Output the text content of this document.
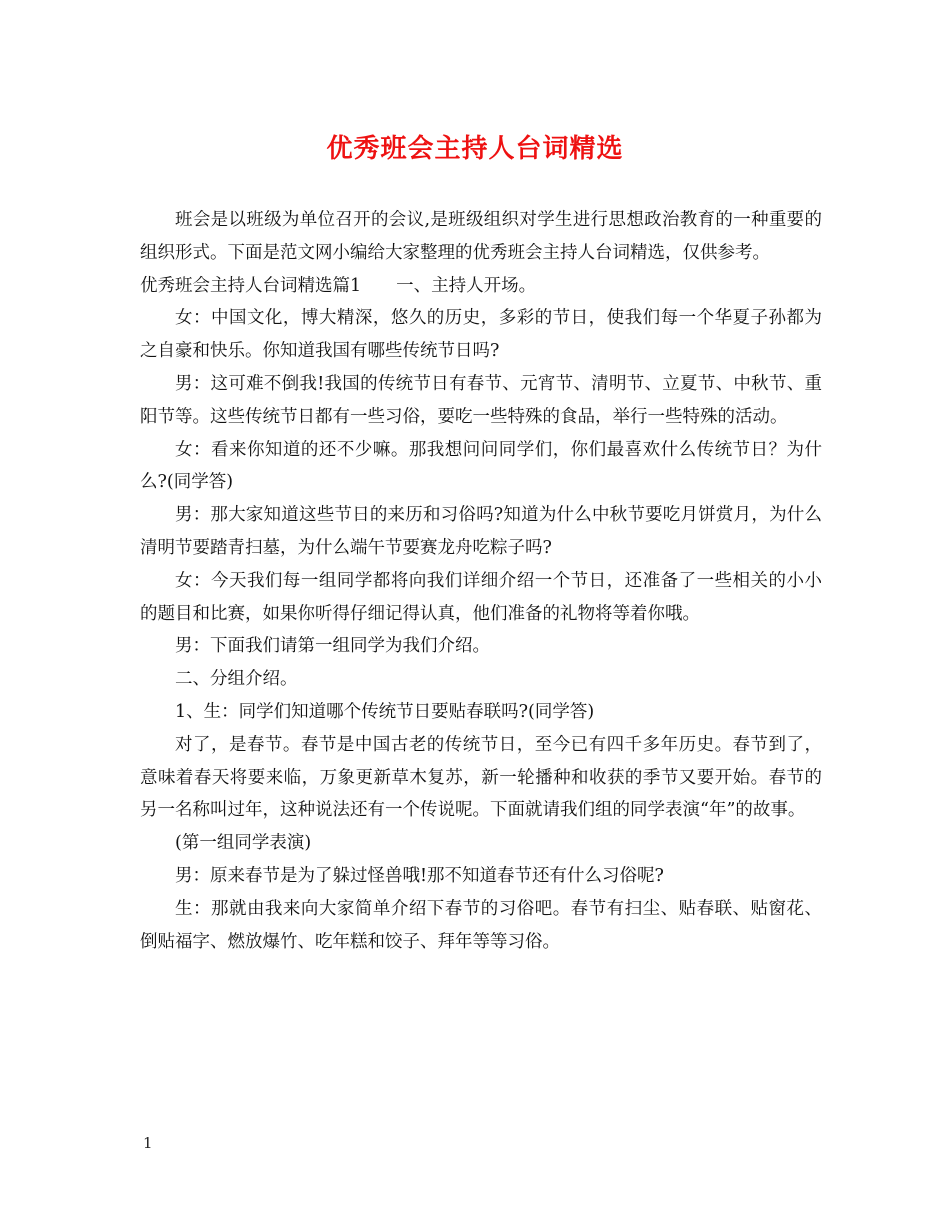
优秀班会主持人台词精选

班会是以班级为单位召开的会议,是班级组织对学生进行思想政治教育的一种重要的组织形式。下面是范文网小编给大家整理的优秀班会主持人台词精选，仅供参考。

优秀班会主持人台词精选篇1　　一、主持人开场。

女：中国文化，博大精深，悠久的历史，多彩的节日，使我们每一个华夏子孙都为之自豪和快乐。你知道我国有哪些传统节日吗?

男：这可难不倒我!我国的传统节日有春节、元宵节、清明节、立夏节、中秋节、重阳节等。这些传统节日都有一些习俗，要吃一些特殊的食品，举行一些特殊的活动。

女：看来你知道的还不少嘛。那我想问问同学们，你们最喜欢什么传统节日？为什么?(同学答)

男：那大家知道这些节日的来历和习俗吗?知道为什么中秋节要吃月饼赏月，为什么清明节要踏青扫墓，为什么端午节要赛龙舟吃粽子吗?

女：今天我们每一组同学都将向我们详细介绍一个节日，还准备了一些相关的小小的题目和比赛，如果你听得仔细记得认真，他们准备的礼物将等着你哦。

男：下面我们请第一组同学为我们介绍。

二、分组介绍。

1、生：同学们知道哪个传统节日要贴春联吗?(同学答)

对了，是春节。春节是中国古老的传统节日，至今已有四千多年历史。春节到了，意味着春天将要来临，万象更新草木复苏，新一轮播种和收获的季节又要开始。春节的另一名称叫过年，这种说法还有一个传说呢。下面就请我们组的同学表演“年”的故事。

(第一组同学表演)

男：原来春节是为了躲过怪兽哦!那不知道春节还有什么习俗呢?

生：那就由我来向大家简单介绍下春节的习俗吧。春节有扫尘、贴春联、贴窗花、倒贴福字、燃放爆竹、吃年糕和饺子、拜年等等习俗。

1
